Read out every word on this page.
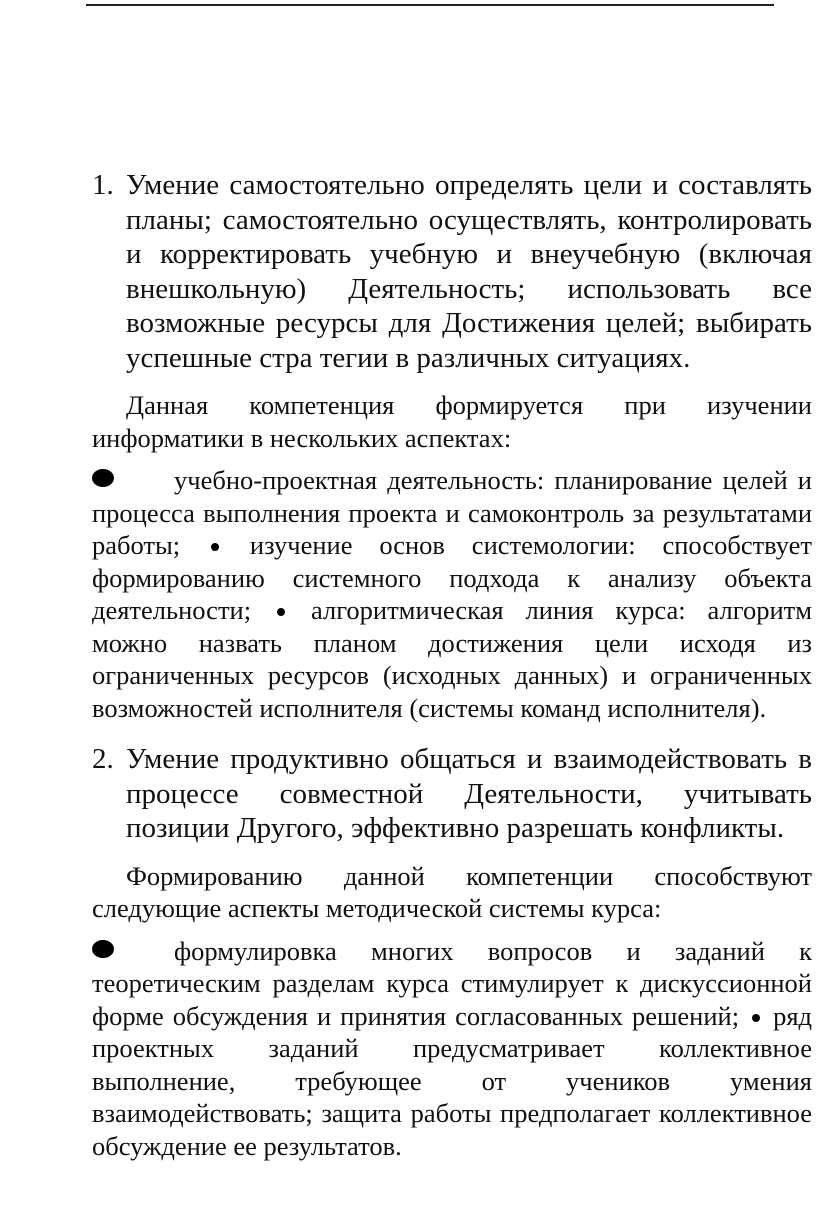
1. Умение самостоятельно определять цели и составлять планы; самостоятельно осуществлять, контролировать и корректировать учебную и внеучебную (включая внешкольную) Деятельность; использовать все возможные ресурсы для Достижения целей; выбирать успешные стра тегии в различных ситуациях.

Данная компетенция формируется при изучении информатики в нескольких аспектах:

учебно-проектная деятельность: планирование целей и процесса выполнения проекта и самоконтроль за результатами работы;	изучение основ системологии: способствует формированию системного подхода к анализу объекта деятельности; алгоритмическая линия курса: алгоритм можно назвать планом достижения цели исходя из ограниченных ресурсов (исходных данных) и ограниченных возможностей исполнителя (системы команд исполнителя).

2. Умение продуктивно общаться и взаимодействовать в процессе совместной Деятельности, учитывать позиции Другого, эффективно разрешать конфликты.

Формированию данной компетенции способствуют следующие аспекты методической системы курса:

формулировка многих вопросов и заданий к теоретическим разделам курса стимулирует к дискуссионной форме обсуждения и принятия согласованных решений; ряд проектных заданий предусматривает коллективное выполнение, требующее от учеников умения взаимодействовать; защита работы предполагает коллективное обсуждение ее результатов.
